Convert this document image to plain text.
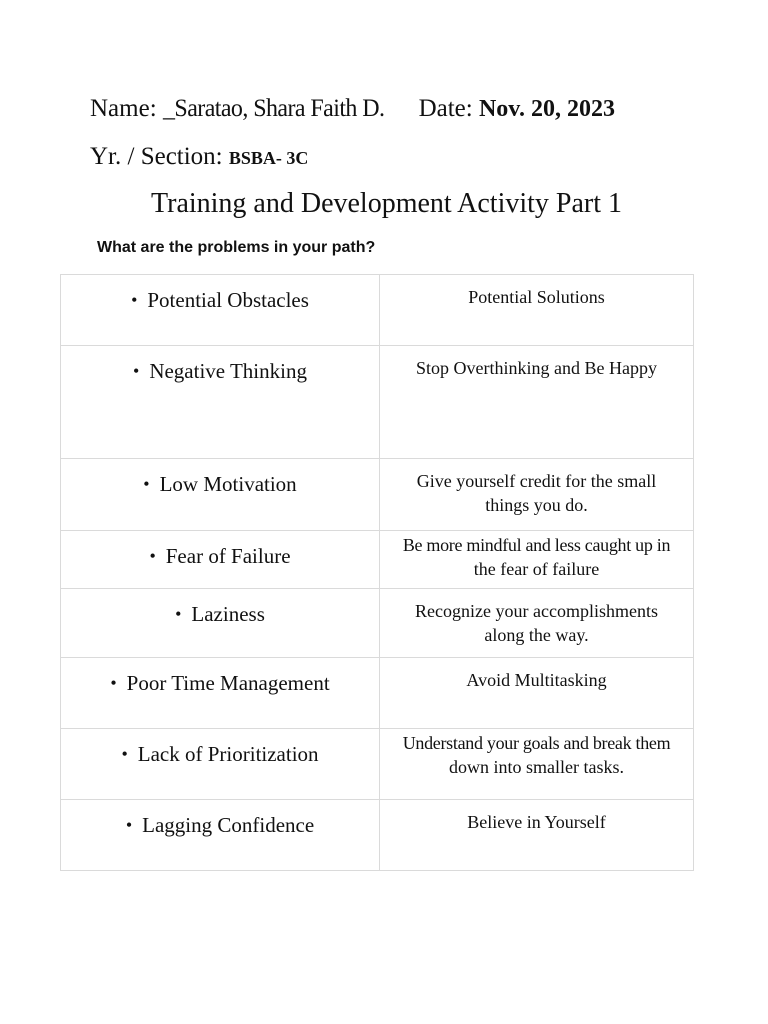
Name: _Saratao, Shara Faith D. Date: Nov. 20, 2023
Yr. / Section: BSBA- 3C
Training and Development Activity Part 1
What are the problems in your path?
• Potential Obstacles	Potential Solutions
• Negative Thinking	Stop Overthinking and Be Happy
• Low Motivation	Give yourself credit for the small
things you do.

• Fear of Failure	Be more mindful and less caught up in
the fear of failure

• Laziness	Recognize your accomplishments
along the way.

• Poor Time Management	Avoid Multitasking
• Lack of Prioritization	Understand your goals and break them
down into smaller tasks.

• Lagging Confidence	Believe in Yourself
